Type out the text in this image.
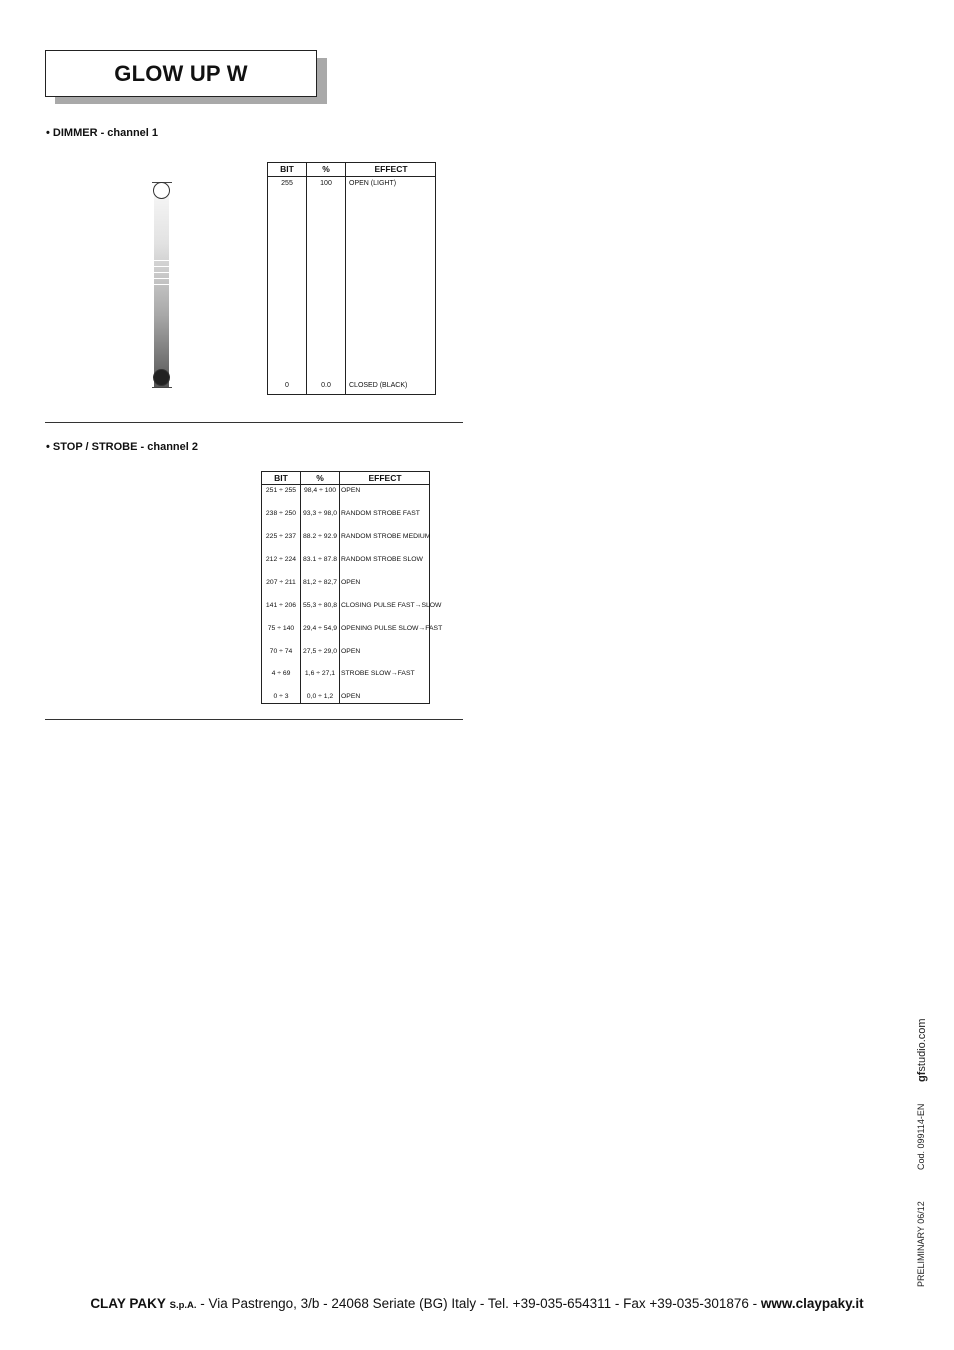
GLOW UP W
• DIMMER - channel 1
BIT	%	EFFECT
255	100	OPEN (LIGHT)
0	0.0	CLOSED (BLACK)
• STOP / STROBE - channel 2
BIT	%	EFFECT
251 ÷ 255	98,4 ÷ 100 OPEN
238 ÷ 250	93,3 ÷ 98,0 RANDOM STROBE FAST
225 ÷ 237	88.2 ÷ 92.9 RANDOM STROBE MEDIUM
212 ÷ 224	83.1 ÷ 87.8 RANDOM STROBE SLOW
207 ÷ 211	81,2 ÷ 82,7 OPEN
141 ÷ 206	55,3 ÷ 80,8 CLOSING PULSE FAST→SLOW
75 ÷ 140	29,4 ÷ 54,9 OPENING PULSE SLOW→FAST
70 ÷ 74	27,5 ÷ 29,0 OPEN
4 ÷ 69	1,6 ÷ 27,1 STROBE SLOW→FAST
0 ÷ 3	0,0 ÷ 1,2	OPEN
gfstudio.com
Cod. 099114-EN
PRELIMINARY 06/12
CLAY PAKY S.p.A. - Via Pastrengo, 3/b - 24068 Seriate (BG) Italy - Tel. +39-035-654311 - Fax +39-035-301876 - www.claypaky.it
